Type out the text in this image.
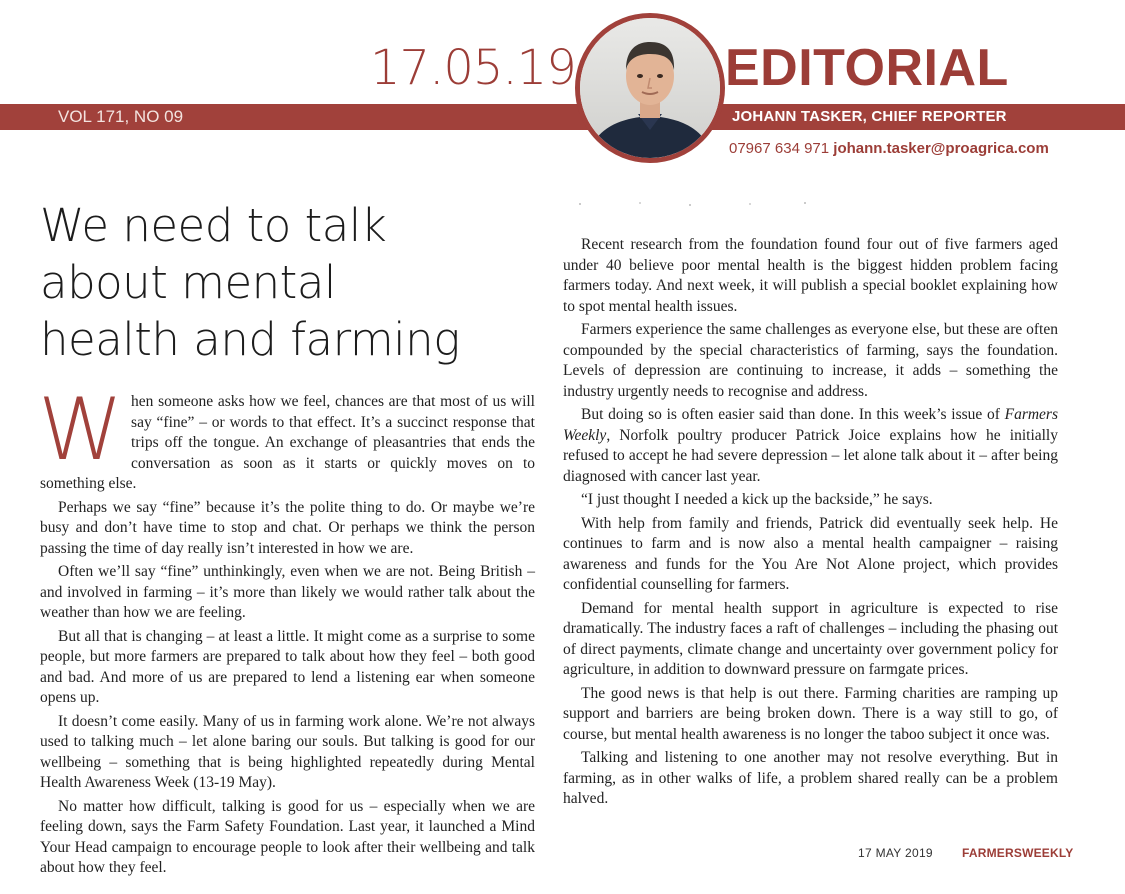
17.05.19
VOL 171, NO 09
EDITORIAL
JOHANN TASKER, CHIEF REPORTER
07967 634 971 johann.tasker@proagrica.com
We need to talk
about mental
health and farming

When someone asks how we feel, chances are that most of us will say “fine” – or words to that effect. It’s a succinct response that trips off the tongue. An exchange of pleasantries that ends the conversation as soon as it starts or quickly moves on to something else.

Perhaps we say “fine” because it’s the polite thing to do. Or maybe we’re busy and don’t have time to stop and chat. Or perhaps we think the person passing the time of day really isn’t interested in how we are.

Often we’ll say “fine” unthinkingly, even when we are not. Being British – and involved in farming – it’s more than likely we would rather talk about the weather than how we are feeling.

But all that is changing – at least a little. It might come as a surprise to some people, but more farmers are prepared to talk about how they feel – both good and bad. And more of us are prepared to lend a listening ear when someone opens up.

It doesn’t come easily. Many of us in farming work alone. We’re not always used to talking much – let alone baring our souls. But talking is good for our wellbeing – something that is being highlighted repeatedly during Mental Health Awareness Week (13-19 May).

No matter how difficult, talking is good for us – especially when we are feeling down, says the Farm Safety Foundation. Last year, it launched a Mind Your Head campaign to encourage people to look after their wellbeing and talk about how they feel.

Recent research from the foundation found four out of five farmers aged under 40 believe poor mental health is the biggest hidden problem facing farmers today. And next week, it will publish a special booklet explaining how to spot mental health issues.

Farmers experience the same challenges as everyone else, but these are often compounded by the special characteristics of farming, says the foundation. Levels of depression are continuing to increase, it adds – something the industry urgently needs to recognise and address.

But doing so is often easier said than done. In this week’s issue of Farmers Weekly, Norfolk poultry producer Patrick Joice explains how he initially refused to accept he had severe depression – let alone talk about it – after being diagnosed with cancer last year.

“I just thought I needed a kick up the backside,” he says.

With help from family and friends, Patrick did eventually seek help. He continues to farm and is now also a mental health campaigner – raising awareness and funds for the You Are Not Alone project, which provides confidential counselling for farmers.

Demand for mental health support in agriculture is expected to rise dramatically. The industry faces a raft of challenges – including the phasing out of direct payments, climate change and uncertainty over government policy for agriculture, in addition to downward pressure on farmgate prices.

The good news is that help is out there. Farming charities are ramping up support and barriers are being broken down. There is a way still to go, of course, but mental health awareness is no longer the taboo subject it once was.

Talking and listening to one another may not resolve everything. But in farming, as in other walks of life, a problem shared really can be a problem halved.

17 MAY 2019 FARMERSWEEKLY
